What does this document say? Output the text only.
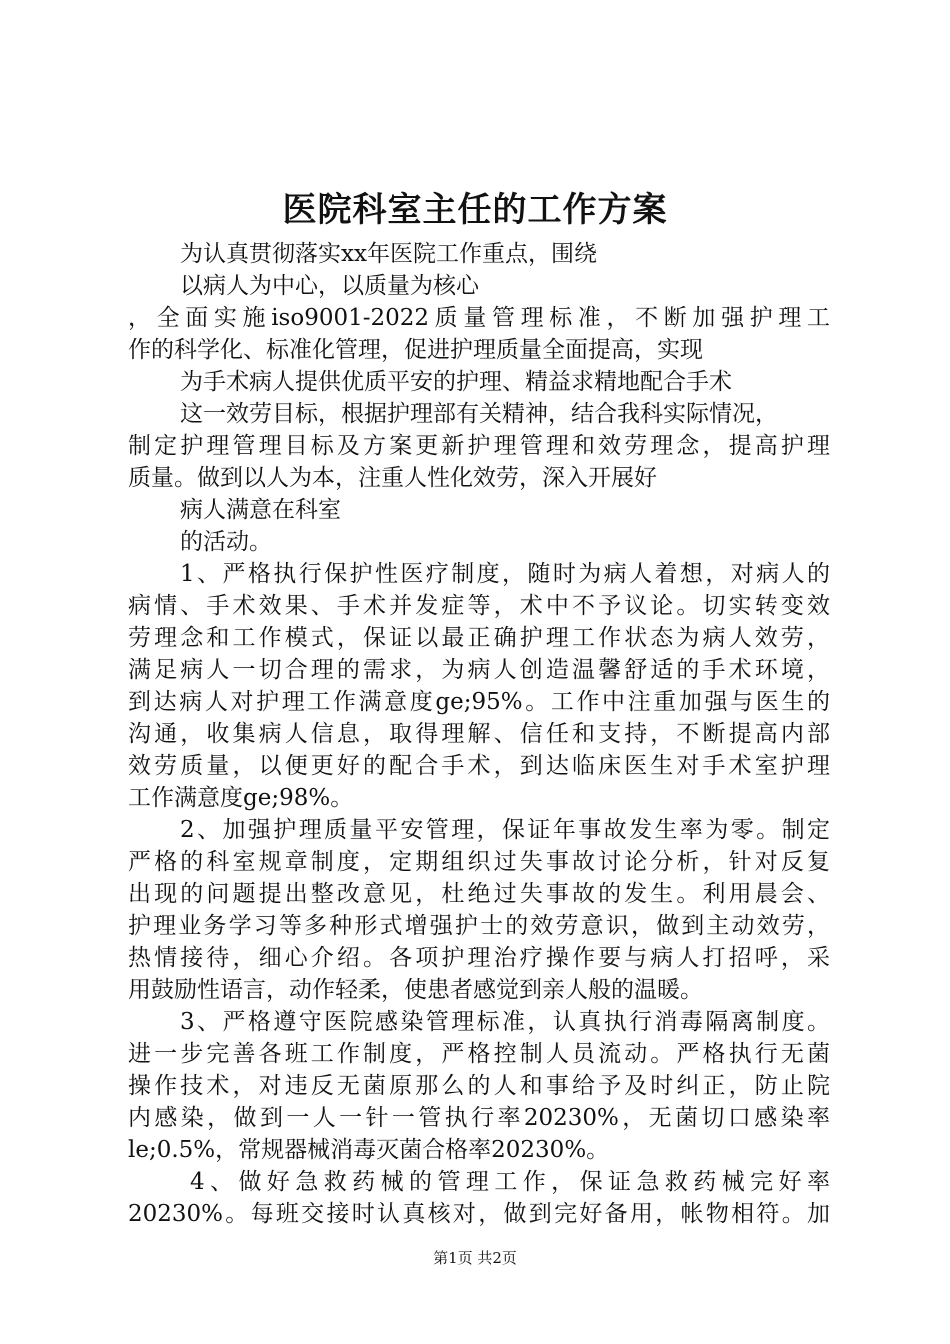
医院科室主任的工作方案
为认真贯彻落实xx年医院工作重点，围绕
以病人为中心，以质量为核心
，全面实施iso9001-2022质量管理标准，不断加强护理工
作的科学化、标准化管理，促进护理质量全面提高，实现
为手术病人提供优质平安的护理、精益求精地配合手术
这一效劳目标，根据护理部有关精神，结合我科实际情况，
制定护理管理目标及方案更新护理管理和效劳理念，提高护理
质量。做到以人为本，注重人性化效劳，深入开展好
病人满意在科室
的活动。
1、严格执行保护性医疗制度，随时为病人着想，对病人的
病情、手术效果、手术并发症等，术中不予议论。切实转变效
劳理念和工作模式，保证以最正确护理工作状态为病人效劳，
满足病人一切合理的需求，为病人创造温馨舒适的手术环境，
到达病人对护理工作满意度ge;95%。工作中注重加强与医生的
沟通，收集病人信息，取得理解、信任和支持，不断提高内部
效劳质量，以便更好的配合手术，到达临床医生对手术室护理
工作满意度ge;98%。
2、加强护理质量平安管理，保证年事故发生率为零。制定
严格的科室规章制度，定期组织过失事故讨论分析，针对反复
出现的问题提出整改意见，杜绝过失事故的发生。利用晨会、
护理业务学习等多种形式增强护士的效劳意识，做到主动效劳，
热情接待，细心介绍。各项护理治疗操作要与病人打招呼，采
用鼓励性语言，动作轻柔，使患者感觉到亲人般的温暖。
3、严格遵守医院感染管理标准，认真执行消毒隔离制度。
进一步完善各班工作制度，严格控制人员流动。严格执行无菌
操作技术，对违反无菌原那么的人和事给予及时纠正，防止院
内感染，做到一人一针一管执行率20230%，无菌切口感染率
le;0.5%，常规器械消毒灭菌合格率20230%。
4、做好急救药械的管理工作，保证急救药械完好率
20230%。每班交接时认真核对，做到完好备用，帐物相符。加
第1页 共2页
